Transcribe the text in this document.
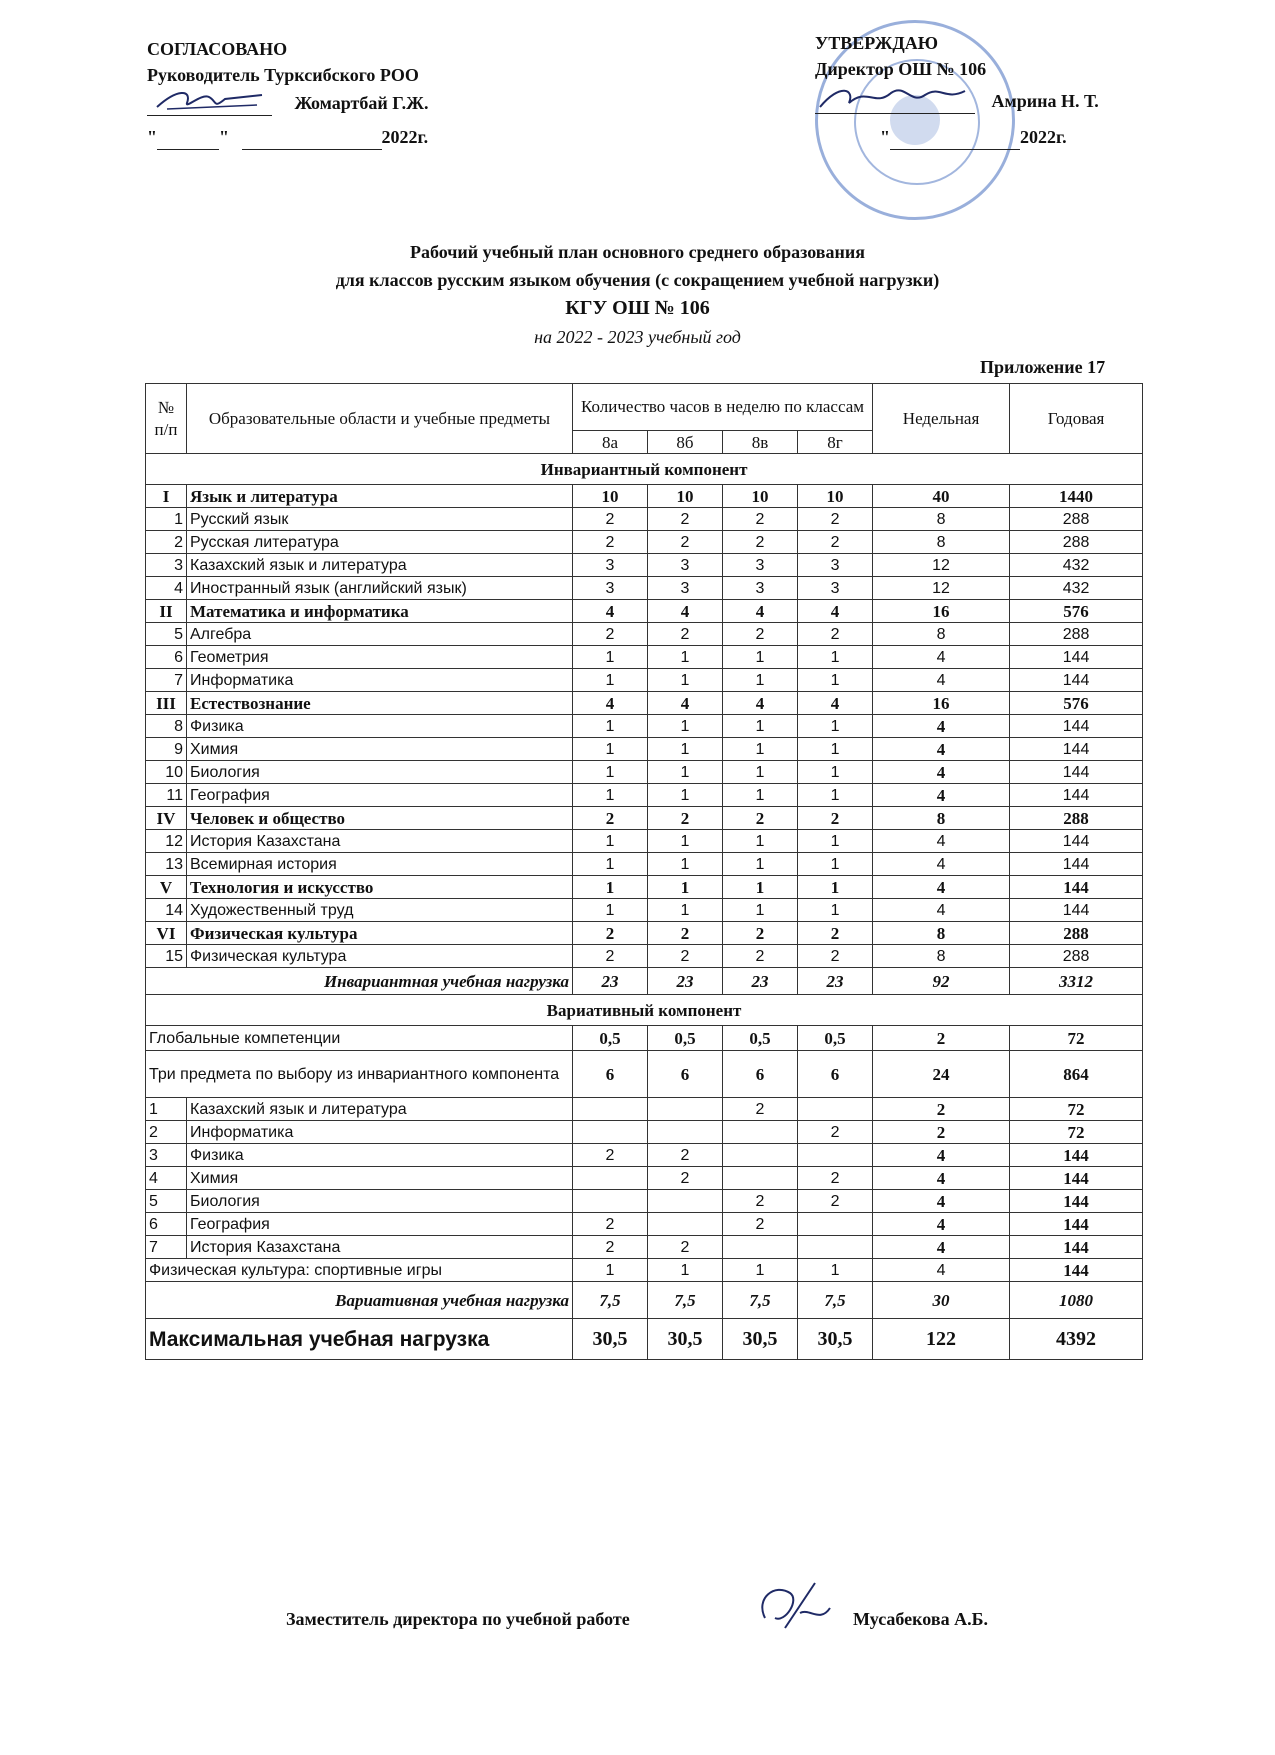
СОГЛАСОВАНО
Руководитель Турксибского РОО
Жомартбай Г.Ж.
"	"	2022г.
УТВЕРЖДАЮ
Директор ОШ № 106
Амрина Н. Т.
"	2022г.
Рабочий учебный план основного среднего образования
для классов русским языком обучения (с сокращением учебной нагрузки)
КГУ ОШ № 106
на 2022 - 2023 учебный год
Приложение 17
№ п/п	Образовательные области и учебные предметы	Количество часов в неделю по классам				Недельная	Годовая
		8а	8б	8в	8г		
Инвариантный компонент							
I	Язык и литература	10	10	10	10	40	1440
1	Русский язык	2	2	2	2	8	288
2	Русская литература	2	2	2	2	8	288
3	Казахский язык и литература	3	3	3	3	12	432
4	Иностранный язык (английский язык)	3	3	3	3	12	432
II	Математика и информатика	4	4	4	4	16	576
5	Алгебра	2	2	2	2	8	288
6	Геометрия	1	1	1	1	4	144
7	Информатика	1	1	1	1	4	144
III	Естествознание	4	4	4	4	16	576
8	Физика	1	1	1	1	4	144
9	Химия	1	1	1	1	4	144
10	Биология	1	1	1	1	4	144
11	География	1	1	1	1	4	144
IV	Человек и общество	2	2	2	2	8	288
12	История Казахстана	1	1	1	1	4	144
13	Всемирная история	1	1	1	1	4	144
V	Технология и искусство	1	1	1	1	4	144
14	Художественный труд	1	1	1	1	4	144
VI	Физическая культура	2	2	2	2	8	288
15	Физическая культура	2	2	2	2	8	288
Инвариантная учебная нагрузка		23	23	23	23	92	3312
Вариативный компонент							
Глобальные компетенции		0,5	0,5	0,5	0,5	2	72
Три предмета по выбору из инвариантного компонента		6	6	6	6	24	864
1	Казахский язык и литература			2		2	72
2	Информатика				2	2	72
3	Физика	2	2			4	144
4	Химия		2		2	4	144
5	Биология			2	2	4	144
6	География	2		2		4	144
7	История Казахстана	2	2			4	144
Физическая культура: спортивные игры		1	1	1	1	4	144
Вариативная учебная нагрузка		7,5	7,5	7,5	7,5	30	1080
Максимальная учебная нагрузка		30,5	30,5	30,5	30,5	122	4392
Заместитель директора по учебной работе	Мусабекова А.Б.
